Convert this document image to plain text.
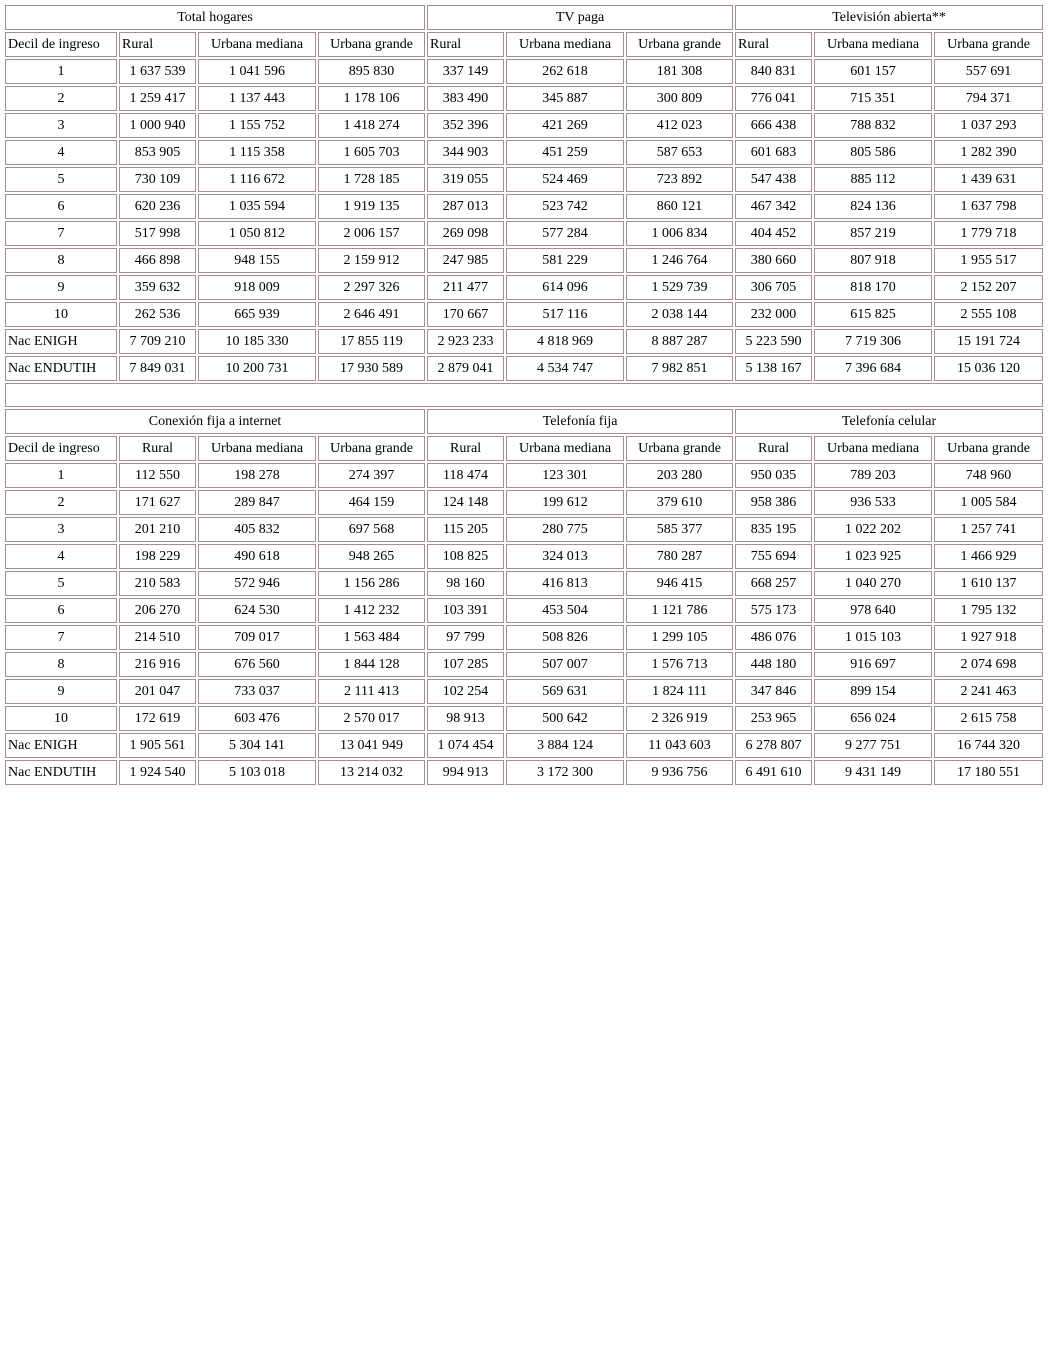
Total hogares				TV paga			Televisión abierta**		
Decil de ingreso	Rural	Urbana mediana	Urbana grande	Rural	Urbana mediana	Urbana grande	Rural	Urbana mediana	Urbana grande
1	1 637 539	1 041 596	895 830	337 149	262 618	181 308	840 831	601 157	557 691
2	1 259 417	1 137 443	1 178 106	383 490	345 887	300 809	776 041	715 351	794 371
3	1 000 940	1 155 752	1 418 274	352 396	421 269	412 023	666 438	788 832	1 037 293
4	853 905	1 115 358	1 605 703	344 903	451 259	587 653	601 683	805 586	1 282 390
5	730 109	1 116 672	1 728 185	319 055	524 469	723 892	547 438	885 112	1 439 631
6	620 236	1 035 594	1 919 135	287 013	523 742	860 121	467 342	824 136	1 637 798
7	517 998	1 050 812	2 006 157	269 098	577 284	1 006 834	404 452	857 219	1 779 718
8	466 898	948 155	2 159 912	247 985	581 229	1 246 764	380 660	807 918	1 955 517
9	359 632	918 009	2 297 326	211 477	614 096	1 529 739	306 705	818 170	2 152 207
10	262 536	665 939	2 646 491	170 667	517 116	2 038 144	232 000	615 825	2 555 108
Nac ENIGH	7 709 210	10 185 330	17 855 119	2 923 233	4 818 969	8 887 287	5 223 590	7 719 306	15 191 724
Nac ENDUTIH	7 849 031	10 200 731	17 930 589	2 879 041	4 534 747	7 982 851	5 138 167	7 396 684	15 036 120

Conexión fija a internet				Telefonía fija			Telefonía celular		
Decil de ingreso	Rural	Urbana mediana	Urbana grande	Rural	Urbana mediana	Urbana grande	Rural	Urbana mediana	Urbana grande
1	112 550	198 278	274 397	118 474	123 301	203 280	950 035	789 203	748 960
2	171 627	289 847	464 159	124 148	199 612	379 610	958 386	936 533	1 005 584
3	201 210	405 832	697 568	115 205	280 775	585 377	835 195	1 022 202	1 257 741
4	198 229	490 618	948 265	108 825	324 013	780 287	755 694	1 023 925	1 466 929
5	210 583	572 946	1 156 286	98 160	416 813	946 415	668 257	1 040 270	1 610 137
6	206 270	624 530	1 412 232	103 391	453 504	1 121 786	575 173	978 640	1 795 132
7	214 510	709 017	1 563 484	97 799	508 826	1 299 105	486 076	1 015 103	1 927 918
8	216 916	676 560	1 844 128	107 285	507 007	1 576 713	448 180	916 697	2 074 698
9	201 047	733 037	2 111 413	102 254	569 631	1 824 111	347 846	899 154	2 241 463
10	172 619	603 476	2 570 017	98 913	500 642	2 326 919	253 965	656 024	2 615 758
Nac ENIGH	1 905 561	5 304 141	13 041 949	1 074 454	3 884 124	11 043 603	6 278 807	9 277 751	16 744 320
Nac ENDUTIH	1 924 540	5 103 018	13 214 032	994 913	3 172 300	9 936 756	6 491 610	9 431 149	17 180 551
